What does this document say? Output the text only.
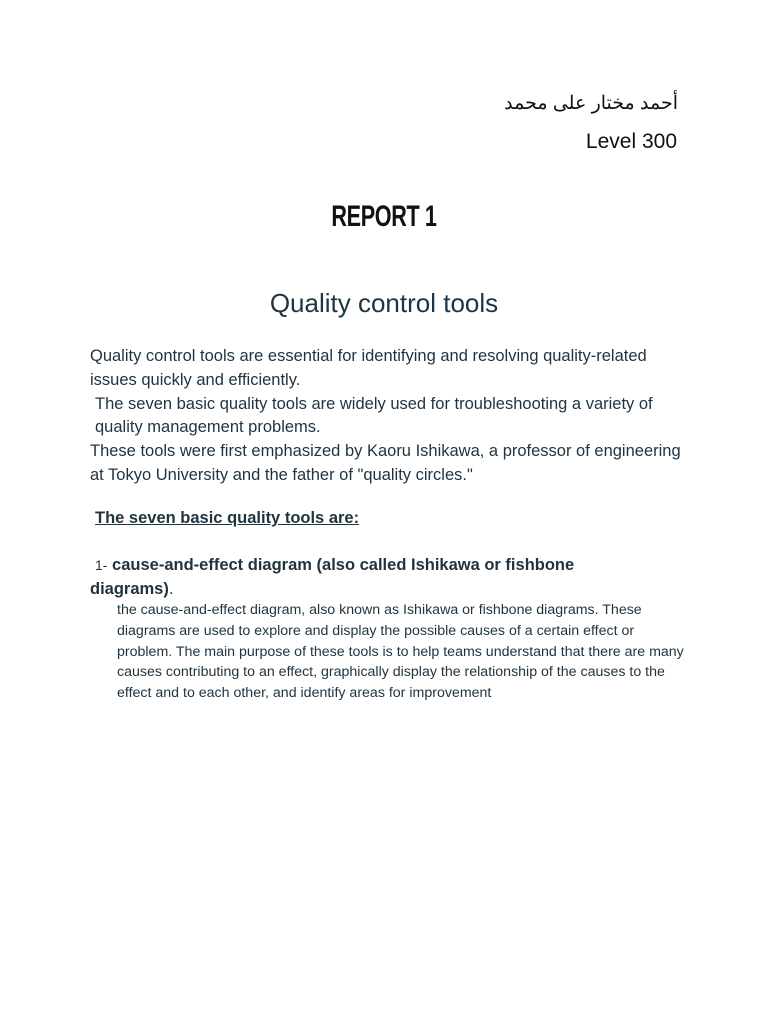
أحمد مختار على محمد
Level 300
REPORT 1
Quality control tools

Quality control tools are essential for identifying and resolving quality-related issues quickly and efficiently.

The seven basic quality tools are widely used for troubleshooting a variety of quality management problems.

These tools were first emphasized by Kaoru Ishikawa, a professor of engineering at Tokyo University and the father of "quality circles."

The seven basic quality tools are:
1- cause-and-effect diagram (also called Ishikawa or fishbone diagrams).
the cause-and-effect diagram, also known as Ishikawa or fishbone diagrams. These diagrams are used to explore and display the possible causes of a certain effect or problem. The main purpose of these tools is to help teams understand that there are many causes contributing to an effect, graphically display the relationship of the causes to the effect and to each other, and identify areas for improvement
